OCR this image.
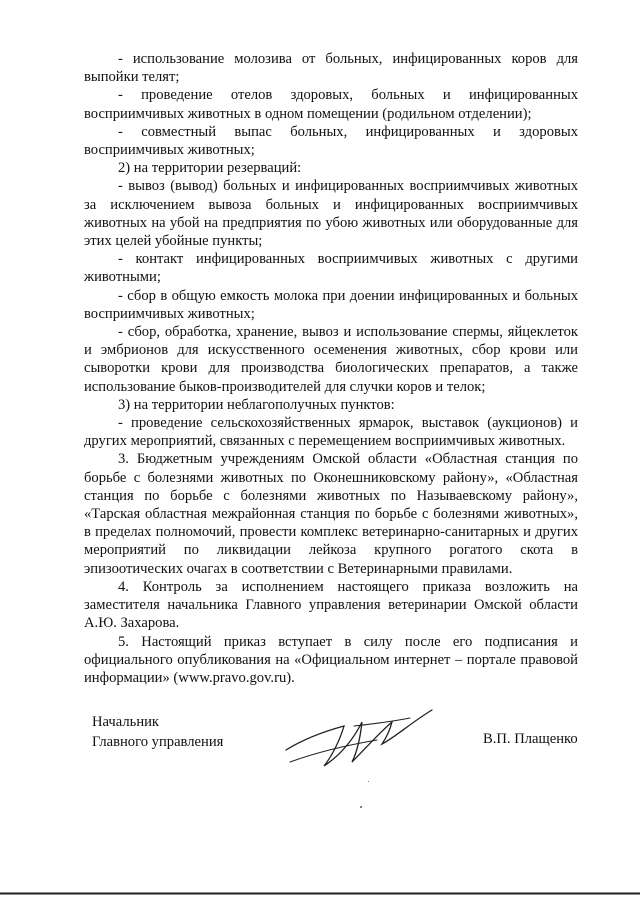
- использование молозива от больных, инфицированных коров для выпойки телят;

- проведение отелов здоровых, больных и инфицированных восприимчивых животных в одном помещении (родильном отделении);

- совместный выпас больных, инфицированных и здоровых восприимчивых животных;

2) на территории резерваций:

- вывоз (вывод) больных и инфицированных восприимчивых животных за исключением вывоза больных и инфицированных восприимчивых животных на убой на предприятия по убою животных или оборудованные для этих целей убойные пункты;

- контакт инфицированных восприимчивых животных с другими животными;

- сбор в общую емкость молока при доении инфицированных и больных восприимчивых животных;

- сбор, обработка, хранение, вывоз и использование спермы, яйцеклеток и эмбрионов для искусственного осеменения животных, сбор крови или сыворотки крови для производства биологических препаратов, а также использование быков-производителей для случки коров и телок;

3) на территории неблагополучных пунктов:

- проведение сельскохозяйственных ярмарок, выставок (аукционов) и других мероприятий, связанных с перемещением восприимчивых животных.

3. Бюджетным учреждениям Омской области «Областная станция по борьбе с болезнями животных по Оконешниковскому району», «Областная станция по борьбе с болезнями животных по Называевскому району», «Тарская областная межрайонная станция по борьбе с болезнями животных», в пределах полномочий, провести комплекс ветеринарно-санитарных и других мероприятий по ликвидации лейкоза крупного рогатого скота в эпизоотических очагах в соответствии с Ветеринарными правилами.

4. Контроль за исполнением настоящего приказа возложить на заместителя начальника Главного управления ветеринарии Омской области А.Ю. Захарова.

5. Настоящий приказ вступает в силу после его подписания и официального опубликования на «Официальном интернет – портале правовой информации» (www.pravo.gov.ru).

Начальник
Главного управления	В.П. Плащенко
